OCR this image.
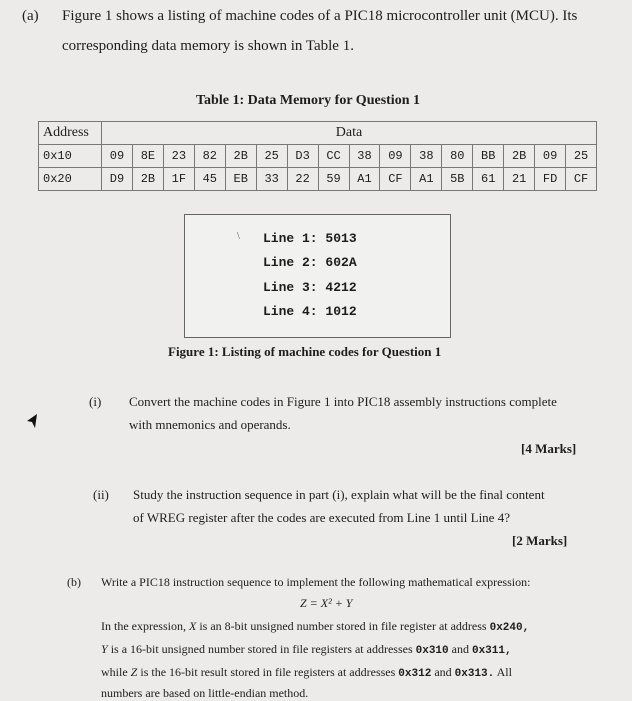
(a) Figure 1 shows a listing of machine codes of a PIC18 microcontroller unit (MCU). Its
corresponding data memory is shown in Table 1.
Table 1: Data Memory for Question 1
Address	Data															
0x10	09	8E	23	82	2B	25	D3	CC	38	09	38	80	BB	2B	09	25
0x20	D9	2B	1F	45	EB	33	22	59	A1	CF	A1	5B	61	21	FD	CF
\ Line 1: 5013
Line 2: 602A
Line 3: 4212
Line 4: 1012
Figure 1: Listing of machine codes for Question 1
(i) Convert the machine codes in Figure 1 into PIC18 assembly instructions complete
with mnemonics and operands.
[4 Marks]
(ii) Study the instruction sequence in part (i), explain what will be the final content
of WREG register after the codes are executed from Line 1 until Line 4?
[2 Marks]
(b) Write a PIC18 instruction sequence to implement the following mathematical expression:
Z = X² + Y
In the expression, X is an 8-bit unsigned number stored in file register at address 0x240,
Y is a 16-bit unsigned number stored in file registers at addresses 0x310 and 0x311,
while Z is the 16-bit result stored in file registers at addresses 0x312 and 0x313. All
numbers are based on little-endian method.
